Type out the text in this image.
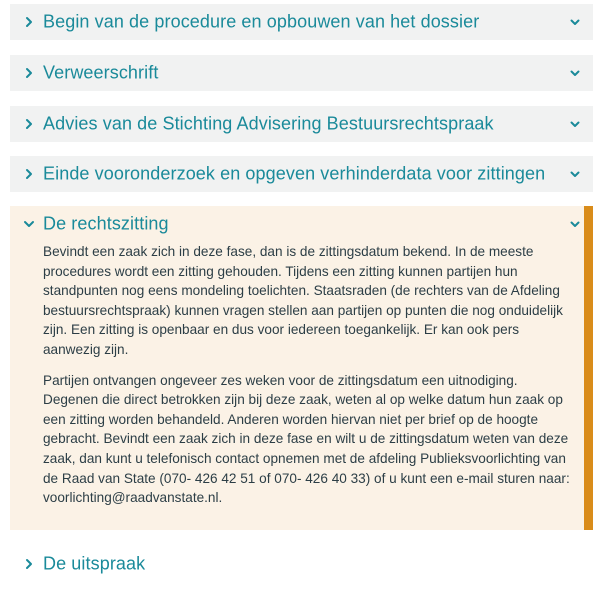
Begin van de procedure en opbouwen van het dossier
Verweerschrift
Advies van de Stichting Advisering Bestuursrechtspraak
Einde vooronderzoek en opgeven verhinderdata voor zittingen
De rechtszitting

Bevindt een zaak zich in deze fase, dan is de zittingsdatum bekend. In de meeste procedures wordt een zitting gehouden. Tijdens een zitting kunnen partijen hun standpunten nog eens mondeling toelichten. Staatsraden (de rechters van de Afdeling bestuursrechtspraak) kunnen vragen stellen aan partijen op punten die nog onduidelijk zijn. Een zitting is openbaar en dus voor iedereen toegankelijk. Er kan ook pers aanwezig zijn.

Partijen ontvangen ongeveer zes weken voor de zittingsdatum een uitnodiging. Degenen die direct betrokken zijn bij deze zaak, weten al op welke datum hun zaak op een zitting worden behandeld. Anderen worden hiervan niet per brief op de hoogte gebracht. Bevindt een zaak zich in deze fase en wilt u de zittingsdatum weten van deze zaak, dan kunt u telefonisch contact opnemen met de afdeling Publieksvoorlichting van de Raad van State (070- 426 42 51 of 070- 426 40 33) of u kunt een e-mail sturen naar: voorlichting@raadvanstate.nl.

De uitspraak
